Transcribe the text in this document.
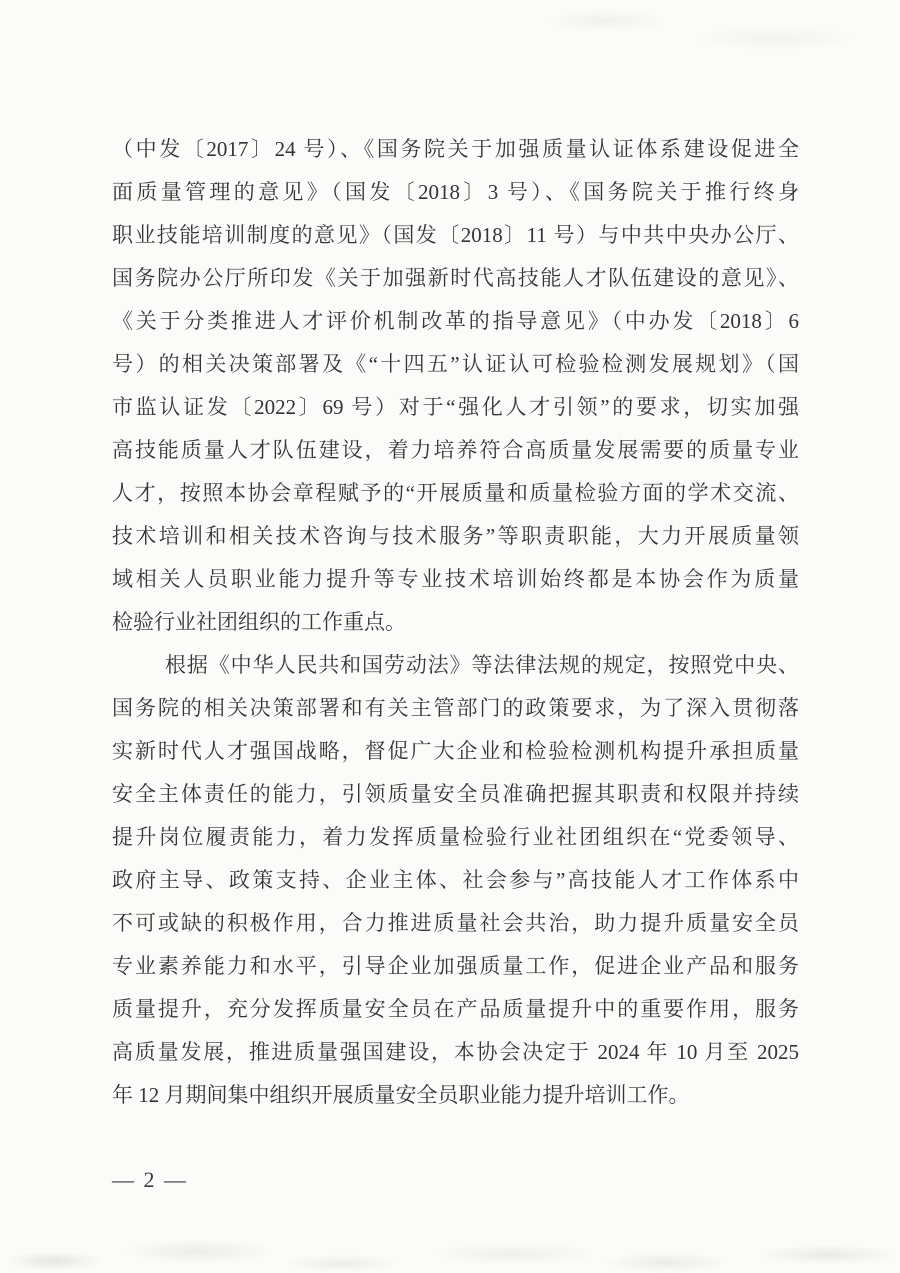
（中发〔2017〕24 号）、《国务院关于加强质量认证体系建设促进全
面质量管理的意见》（国发〔2018〕3 号）、《国务院关于推行终身
职业技能培训制度的意见》（国发〔2018〕11 号）与中共中央办公厅、
国务院办公厅所印发《关于加强新时代高技能人才队伍建设的意见》、
《关于分类推进人才评价机制改革的指导意见》（中办发〔2018〕6
号）的相关决策部署及《“十四五”认证认可检验检测发展规划》（国
市监认证发〔2022〕69 号）对于“强化人才引领”的要求，切实加强
高技能质量人才队伍建设，着力培养符合高质量发展需要的质量专业
人才，按照本协会章程赋予的“开展质量和质量检验方面的学术交流、
技术培训和相关技术咨询与技术服务”等职责职能，大力开展质量领
域相关人员职业能力提升等专业技术培训始终都是本协会作为质量
检验行业社团组织的工作重点。
根据《中华人民共和国劳动法》等法律法规的规定，按照党中央、
国务院的相关决策部署和有关主管部门的政策要求，为了深入贯彻落
实新时代人才强国战略，督促广大企业和检验检测机构提升承担质量
安全主体责任的能力，引领质量安全员准确把握其职责和权限并持续
提升岗位履责能力，着力发挥质量检验行业社团组织在“党委领导、
政府主导、政策支持、企业主体、社会参与”高技能人才工作体系中
不可或缺的积极作用，合力推进质量社会共治，助力提升质量安全员
专业素养能力和水平，引导企业加强质量工作，促进企业产品和服务
质量提升，充分发挥质量安全员在产品质量提升中的重要作用，服务
高质量发展，推进质量强国建设，本协会决定于 2024 年 10 月至 2025
年 12 月期间集中组织开展质量安全员职业能力提升培训工作。
— 2 —
